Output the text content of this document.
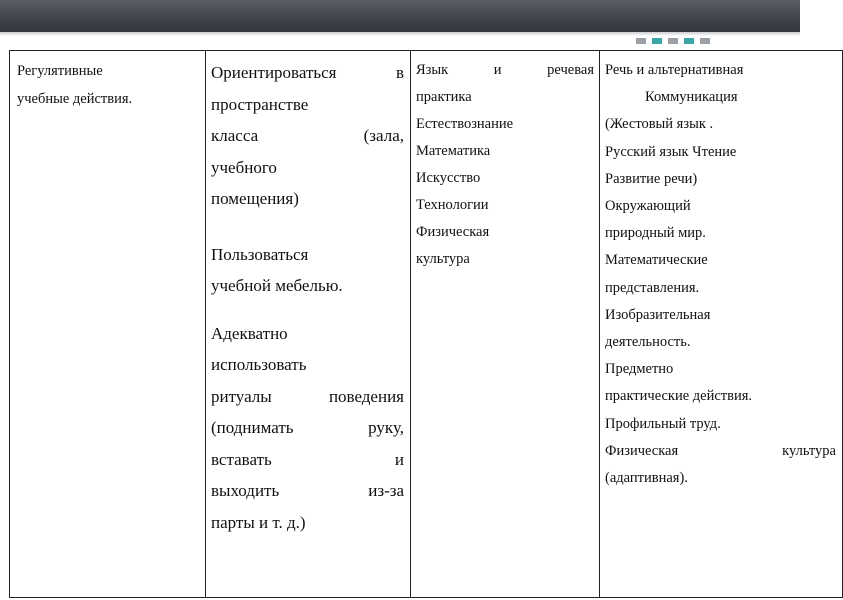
Регулятивные
учебные действия.

Ориентироваться	в
пространстве
класса	(зала,
учебного
помещения)
Пользоваться
учебной мебелью.
Адекватно
использовать
ритуалы	поведения
(поднимать	руку,
вставать	и
выходить	из-за
парты и т. д.)

Язык	и	речевая
практика
Естествознание
Математика
Искусство
Технологии
Физическая
культура

Речь и альтернативная
Коммуникация
(Жестовый язык .
Русский язык Чтение
Развитие речи)
Окружающий
природный мир.
Математические
представления.
Изобразительная
деятельность.
Предметно
практические действия.
Профильный труд.
Физическая	культура
(адаптивная).
